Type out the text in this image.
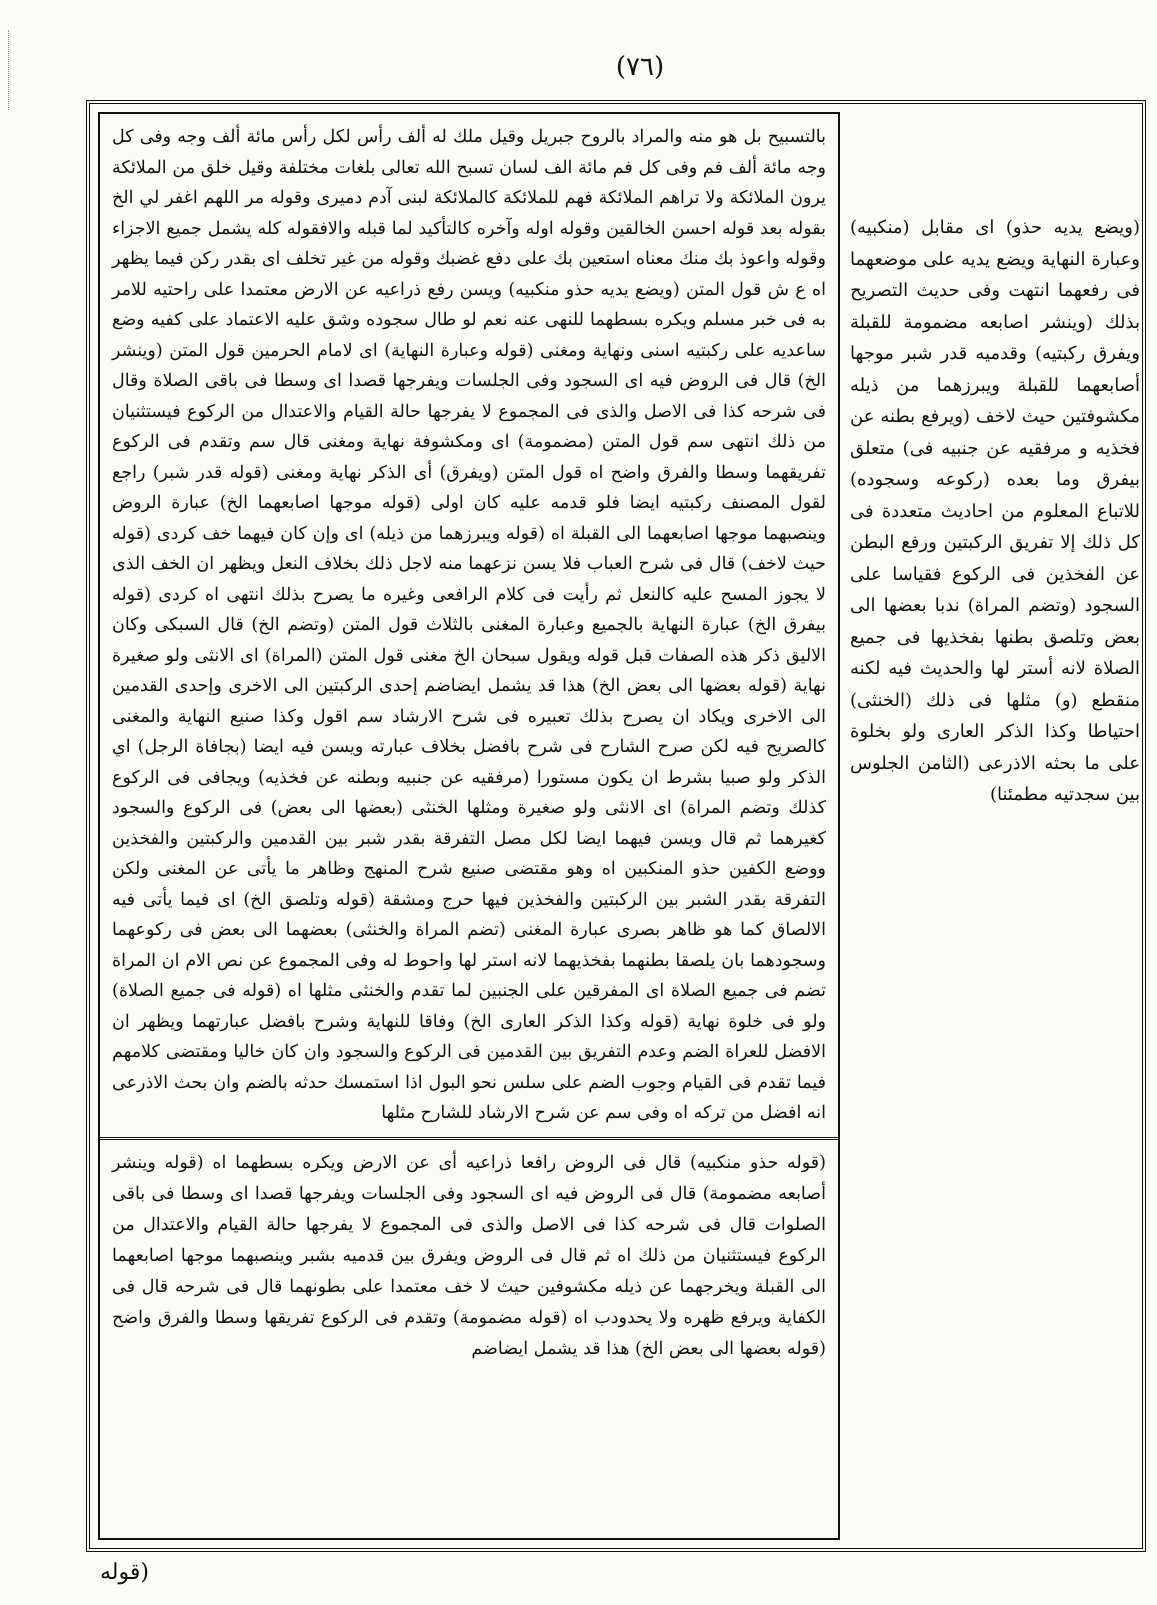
(٧٦)

بالتسبيح بل هو منه والمراد بالروح جبريل وقيل ملك له ألف رأس لكل رأس مائة ألف وجه وفى كل وجه مائة ألف فم وفى كل فم مائة الف لسان تسبح الله تعالى بلغات مختلفة وقيل خلق من الملائكة يرون الملائكة ولا تراهم الملائكة فهم للملائكة كالملائكة لبنى آدم دميرى وقوله مر اللهم اغفر لي الخ بقوله بعد قوله احسن الخالقين وقوله اوله وآخره كالتأكيد لما قبله والافقوله كله يشمل جميع الاجزاء وقوله واعوذ بك منك معناه استعين بك على دفع غضبك وقوله من غير تخلف اى بقدر ركن فيما يظهر اه ع ش قول المتن (ويضع يديه حذو منكبيه) ويسن رفع ذراعيه عن الارض معتمدا على راحتيه للامر به فى خبر مسلم ويكره بسطهما للنهى عنه نعم لو طال سجوده وشق عليه الاعتماد على كفيه وضع ساعديه على ركبتيه اسنى ونهاية ومغنى (قوله وعبارة النهاية) اى لامام الحرمين قول المتن (وينشر الخ) قال فى الروض فيه اى السجود وفى الجلسات ويفرجها قصدا اى وسطا فى باقى الصلاة وقال فى شرحه كذا فى الاصل والذى فى المجموع لا يفرجها حالة القيام والاعتدال من الركوع فيستثنيان من ذلك انتهى سم قول المتن (مضمومة) اى ومكشوفة نهاية ومغنى قال سم وتقدم فى الركوع تفريقهما وسطا والفرق واضح اه قول المتن (ويفرق) أى الذكر نهاية ومغنى (قوله قدر شبر) راجع لقول المصنف ركبتيه ايضا فلو قدمه عليه كان اولى (قوله موجها اصابعهما الخ) عبارة الروض وينصبهما موجها اصابعهما الى القبلة اه (قوله ويبرزهما من ذيله) اى وإن كان فيهما خف كردى (قوله حيث لاخف) قال فى شرح العباب فلا يسن نزعهما منه لاجل ذلك بخلاف النعل ويظهر ان الخف الذى لا يجوز المسح عليه كالنعل ثم رأيت فى كلام الرافعى وغيره ما يصرح بذلك انتهى اه كردى (قوله بيفرق الخ) عبارة النهاية بالجميع وعبارة المغنى بالثلاث قول المتن (وتضم الخ) قال السبكى وكان الاليق ذكر هذه الصفات قبل قوله ويقول سبحان الخ مغنى قول المتن (المراة) اى الانثى ولو صغيرة نهاية (قوله بعضها الى بعض الخ) هذا قد يشمل ايضاضم إحدى الركبتين الى الاخرى وإحدى القدمين الى الاخرى ويكاد ان يصرح بذلك تعبيره فى شرح الارشاد سم اقول وكذا صنيع النهاية والمغنى كالصريح فيه لكن صرح الشارح فى شرح بافضل بخلاف عبارته ويسن فيه ايضا (بجافاة الرجل) اي الذكر ولو صبيا بشرط ان يكون مستورا (مرفقيه عن جنبيه وبطنه عن فخذيه) ويجافى فى الركوع كذلك وتضم المراة) اى الانثى ولو صغيرة ومثلها الخنثى (بعضها الى بعض) فى الركوع والسجود كغيرهما ثم قال ويسن فيهما ايضا لكل مصل التفرقة بقدر شبر بين القدمين والركبتين والفخذين ووضع الكفين حذو المنكبين اه وهو مقتضى صنيع شرح المنهج وظاهر ما يأتى عن المغنى ولكن التفرقة بقدر الشبر بين الركبتين والفخذين فيها حرج ومشقة (قوله وتلصق الخ) اى فيما يأتى فيه الالصاق كما هو ظاهر بصرى عبارة المغنى (تضم المراة والخنثى) بعضهما الى بعض فى ركوعهما وسجودهما بان يلصقا بطنهما بفخذيهما لانه استر لها واحوط له وفى المجموع عن نص الام ان المراة تضم فى جميع الصلاة اى المفرقين على الجنبين لما تقدم والخنثى مثلها اه (قوله فى جميع الصلاة) ولو فى خلوة نهاية (قوله وكذا الذكر العارى الخ) وفاقا للنهاية وشرح بافضل عبارتهما ويظهر ان الافضل للعراة الضم وعدم التفريق بين القدمين فى الركوع والسجود وان كان خاليا ومقتضى كلامهم فيما تقدم فى القيام وجوب الضم على سلس نحو البول اذا استمسك حدثه بالضم وان بحث الاذرعى انه افضل من تركه اه وفى سم عن شرح الارشاد للشارح مثلها

(قوله حذو منكبيه) قال فى الروض رافعا ذراعيه أى عن الارض ويكره بسطهما اه (قوله وينشر أصابعه مضمومة) قال فى الروض فيه اى السجود وفى الجلسات ويفرجها قصدا اى وسطا فى باقى الصلوات قال فى شرحه كذا فى الاصل والذى فى المجموع لا يفرجها حالة القيام والاعتدال من الركوع فيستثنيان من ذلك اه ثم قال فى الروض ويفرق بين قدميه بشبر وينصبهما موجها اصابعهما الى القبلة ويخرجهما عن ذيله مكشوفين حيث لا خف معتمدا على بطونهما قال فى شرحه قال فى الكفاية ويرفع ظهره ولا يحدودب اه (قوله مضمومة) وتقدم فى الركوع تفريقها وسطا والفرق واضح (قوله بعضها الى بعض الخ) هذا قد يشمل ايضاضم

(ويضع يديه حذو) اى مقابل (منكبيه) وعبارة النهاية ويضع يديه على موضعهما فى رفعهما انتهت وفى حديث التصريح بذلك (وينشر اصابعه مضمومة للقبلة ويفرق ركبتيه) وقدميه قدر شبر موجها أصابعهما للقبلة ويبرزهما من ذيله مكشوفتين حيث لاخف (ويرفع بطنه عن فخذيه و مرفقيه عن جنبيه فى) متعلق بيفرق وما بعده (ركوعه وسجوده) للاتباع المعلوم من احاديث متعددة فى كل ذلك إلا تفريق الركبتين ورفع البطن عن الفخذين فى الركوع فقياسا على السجود (وتضم المراة) ندبا بعضها الى بعض وتلصق بطنها بفخذيها فى جميع الصلاة لانه أستر لها والحديث فيه لكنه منقطع (و) مثلها فى ذلك (الخنثى) احتياطا وكذا الذكر العارى ولو بخلوة على ما بحثه الاذرعى (الثامن الجلوس بين سجدتيه مطمئنا)

(قوله
